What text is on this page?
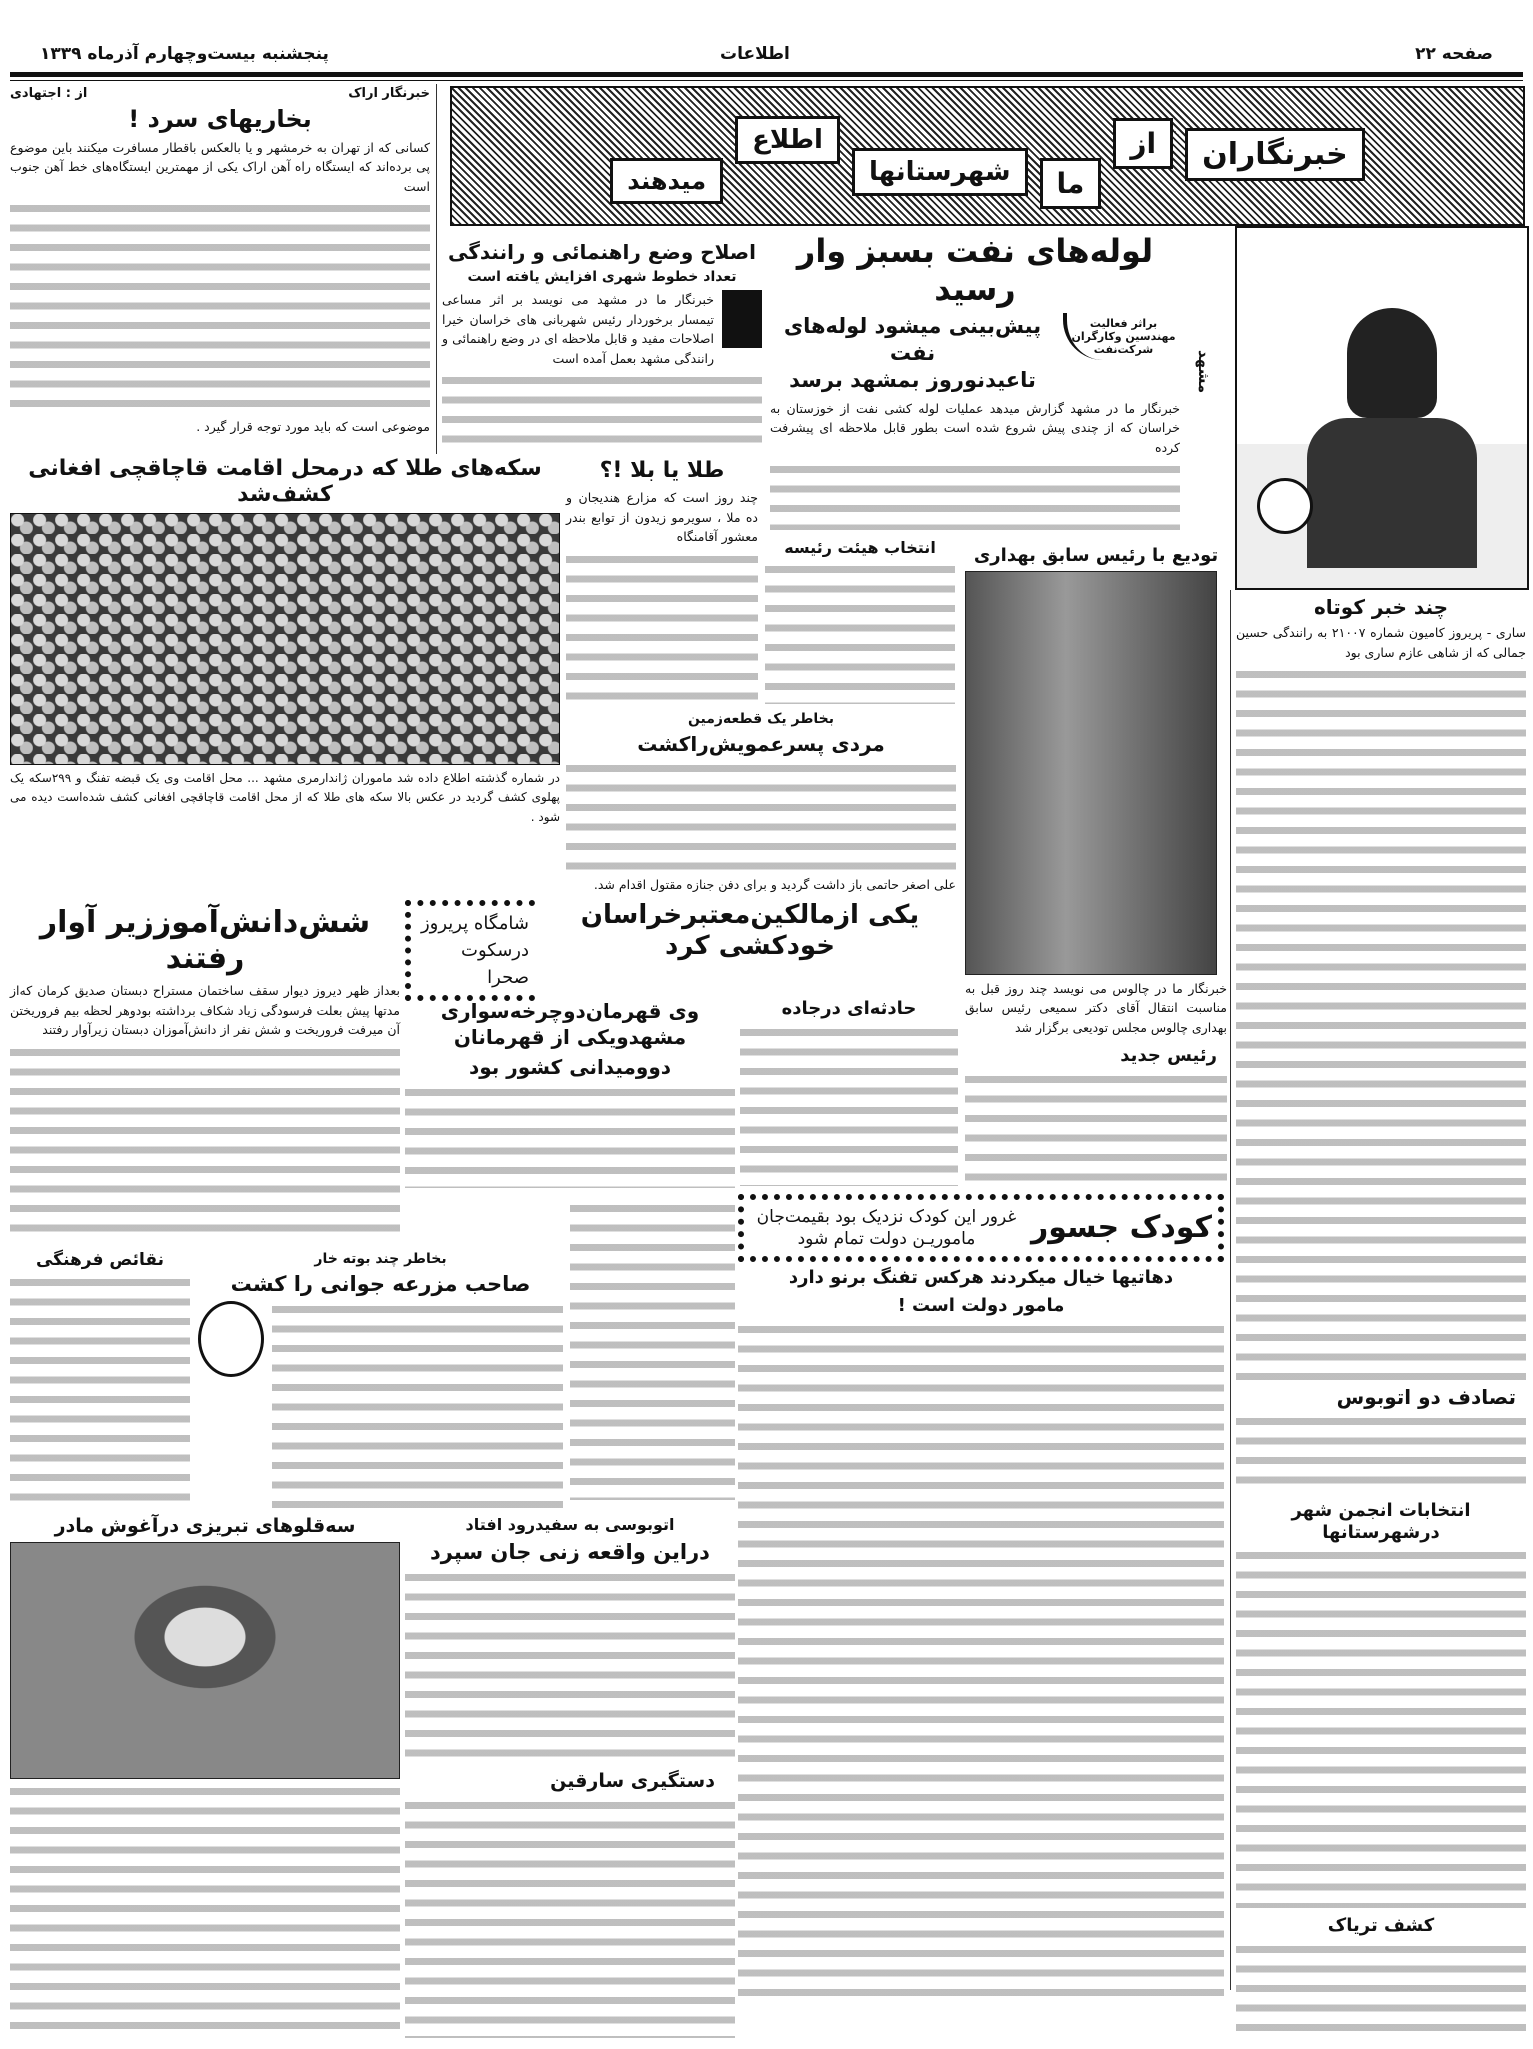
پنجشنبه بیست‌وچهارم آذرماه ۱۳۳۹	اطلاعات	صفحه ۲۲
خبرنگار اراک
از : اجتهادی
بخاریهای سرد !
کسانی که از تهران به خرمشهر و یا بالعکس باقطار مسافرت میکنند باین موضوع پی برده‌اند که ایستگاه راه آهن اراک یکی از مهمترین ایستگاه‌های خط آهن جنوب است
موضوعی است که باید مورد توجه قرار گیرد .
خبرنگاران
از
ما
شهرستانها
اطلاع
میدهند
لوله‌های نفت بسبز وار رسید
براثر فعالیت مهندسین وکارگران شرکت‌نفت
پیش‌بینی میشود لوله‌های نفت
تاعیدنوروز بمشهد برسد
خبرنگار ما در مشهد گزارش میدهد عملیات لوله کشی نفت از خوزستان به خراسان که از چندی پیش شروع شده است بطور قابل ملاحظه ای پیشرفت کرده
مشهد
اصلاح وضع راهنمائی و رانندگی
تعداد خطوط شهری افزایش یافته است
خبرنگار ما در مشهد می نویسد بر اثر مساعی تیمسار برخوردار رئیس شهربانی های خراسان خیرا اصلاحات مفید و قابل ملاحظه ای در وضع راهنمائی و رانندگی مشهد بعمل آمده است
سکه‌های طلا که درمحل اقامت قاچاقچی افغانی کشف‌شد
در شماره گذشته اطلاع داده شد ماموران ژاندارمری مشهد ... محل اقامت وی یک قبضه تفنگ و ۲۹۹سکه یک پهلوی کشف گردید در عکس بالا سکه های طلا که از محل اقامت قاچاقچی افغانی کشف شده‌است دیده می شود .
طلا یا بلا !؟
چند روز است که مزارع هندیجان و ده ملا ، سویرمو زیدون از توابع بندر معشور آقامنگاه
انتخاب هیئت رئیسه	تودیع با رئیس سابق بهداری
خبرنگار ما در چالوس می نویسد چند روز قبل به مناسبت انتقال آقای دکتر سمیعی رئیس سابق بهداری چالوس مجلس تودیعی برگزار شد
بخاطر یک قطعه‌زمین
مردی پسرعمویش‌راکشت
علی اصغر حاتمی باز داشت گردید و برای دفن جنازه مقتول اقدام شد.
چند خبر کوتاه
ساری - پریروز کامیون شماره ۲۱۰۰۷ به رانندگی حسین جمالی که از شاهی عازم ساری بود
شش‌دانش‌آموززیر آوار رفتند
بعداز ظهر دیروز دیوار سقف ساختمان مستراح دبستان صدیق کرمان که‌از مدتها پیش بعلت فرسودگی زیاد شکاف برداشته بودوهر لحظه بیم فروریختن آن میرفت فروریخت و شش نفر از دانش‌آموزان دبستان زیرآوار رفتند
یکی ازمالکین‌معتبرخراسان
خودکشی کرد
شامگاه پریروز
درسکوت صحرا
وی قهرمان‌دوچرخه‌سواری مشهدویکی از قهرمانان
دوومیدانی کشور بود
حادثه‌ای درجاده
رئیس جدید
کودک جسور
غرور این کودک نزدیک بود بقیمت‌جان
ماموریـن دولت تمام شود
دهاتیها خیال میکردند هرکس تفنگ برنو دارد
مامور دولت است !
تصادف دو اتوبوس
انتخابات انجمن شهر درشهرستانها
کشف تریاک
نقائص فرهنگی	بخاطر چند بوته خار
صاحب مزرعه جوانی را کشت
سه‌قلوهای تبریزی درآغوش مادر	اتوبوسی به سفیدرود افتاد
دراین واقعه زنی جان سپرد
دستگیری سارقین
